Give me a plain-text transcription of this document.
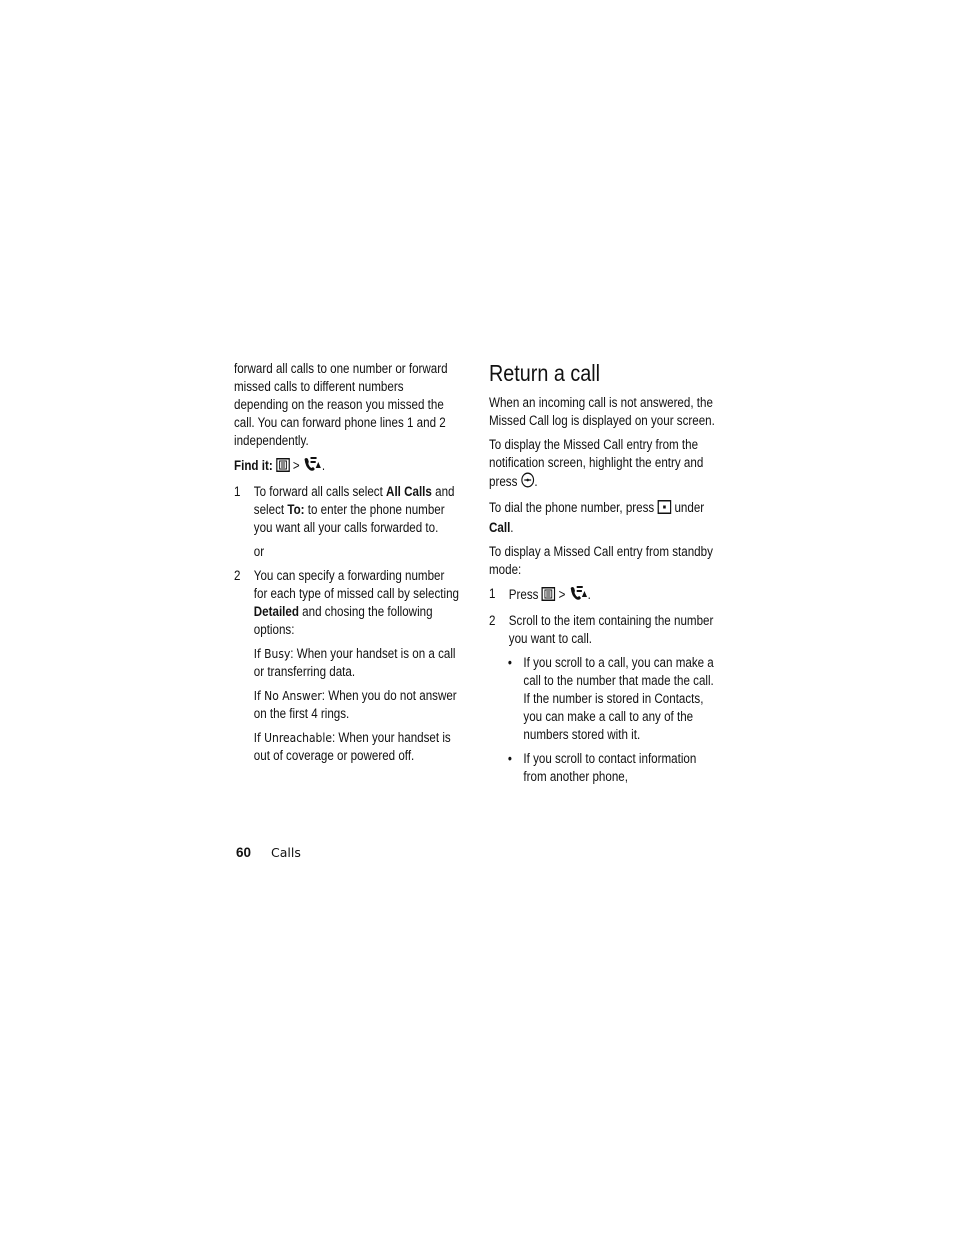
forward all calls to one number or forward missed calls to different numbers depending on the reason you missed the call. You can forward phone lines 1 and 2 independently.

Find it: > .

1 To forward all calls select All Calls and select To: to enter the phone number you want all your calls forwarded to.

or

2 You can specify a forwarding number for each type of missed call by selecting Detailed and chosing the following options:

If Busy: When your handset is on a call or transferring data.

If No Answer: When you do not answer on the first 4 rings.

If Unreachable: When your handset is out of coverage or powered off.

Return a call

When an incoming call is not answered, the Missed Call log is displayed on your screen.

To display the Missed Call entry from the notification screen, highlight the entry and press .

To dial the phone number, press  under Call.

To display a Missed Call entry from standby mode:

1 Press  > .

2 Scroll to the item containing the number you want to call.

• If you scroll to a call, you can make a call to the number that made the call. If the number is stored in Contacts, you can make a call to any of the numbers stored with it.

• If you scroll to contact information from another phone,

60 Calls
